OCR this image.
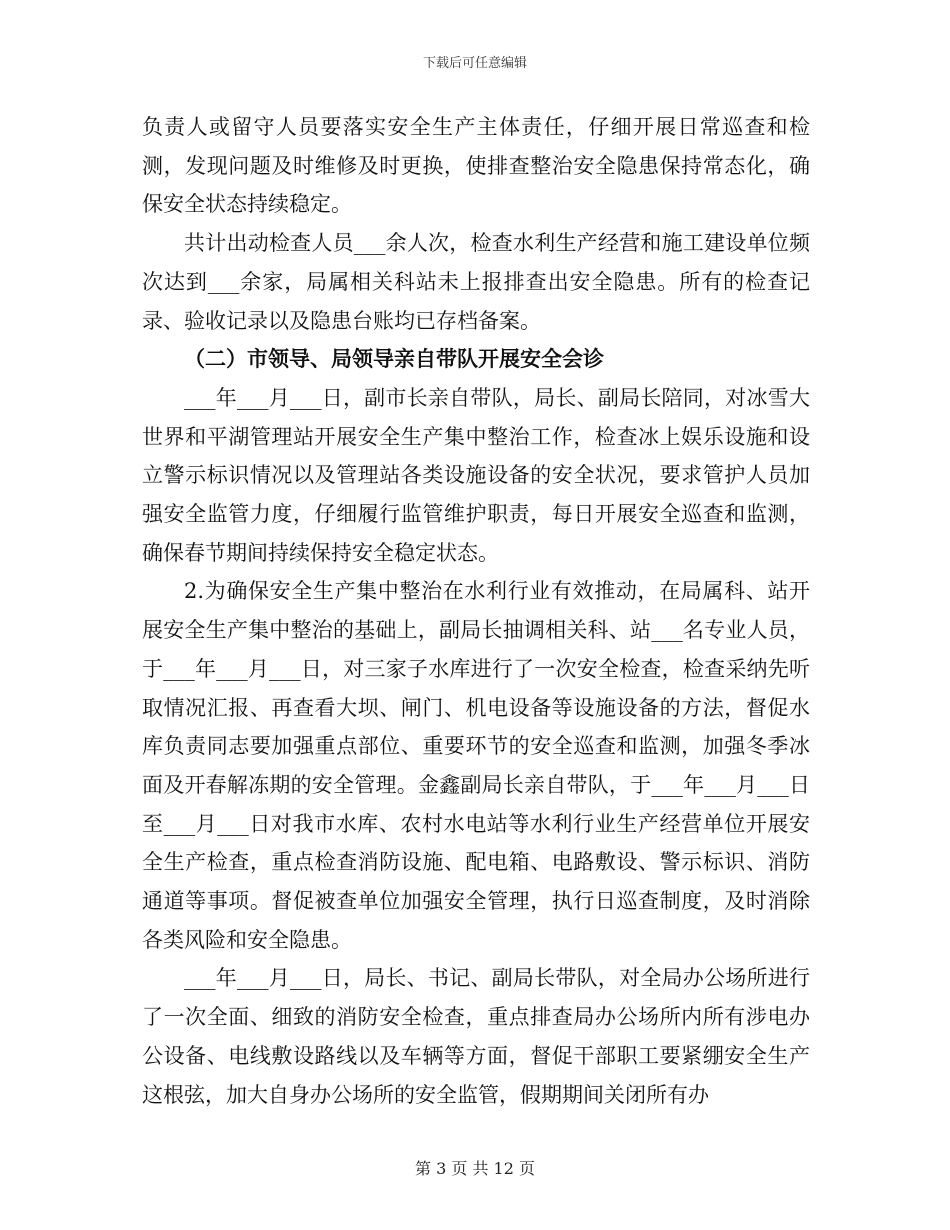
下载后可任意编辑

负责人或留守人员要落实安全生产主体责任，仔细开展日常巡查和检测，发现问题及时维修及时更换，使排查整治安全隐患保持常态化，确保安全状态持续稳定。

共计出动检查人员___余人次，检查水利生产经营和施工建设单位频次达到___余家，局属相关科站未上报排查出安全隐患。所有的检查记录、验收记录以及隐患台账均已存档备案。

（二）市领导、局领导亲自带队开展安全会诊

___年___月___日，副市长亲自带队，局长、副局长陪同，对冰雪大世界和平湖管理站开展安全生产集中整治工作，检查冰上娱乐设施和设立警示标识情况以及管理站各类设施设备的安全状况，要求管护人员加强安全监管力度，仔细履行监管维护职责，每日开展安全巡查和监测，确保春节期间持续保持安全稳定状态。

2.为确保安全生产集中整治在水利行业有效推动，在局属科、站开展安全生产集中整治的基础上，副局长抽调相关科、站___名专业人员，于___年___月___日，对三家子水库进行了一次安全检查，检查采纳先听取情况汇报、再查看大坝、闸门、机电设备等设施设备的方法，督促水库负责同志要加强重点部位、重要环节的安全巡查和监测，加强冬季冰面及开春解冻期的安全管理。金鑫副局长亲自带队，于___年___月___日至___月___日对我市水库、农村水电站等水利行业生产经营单位开展安全生产检查，重点检查消防设施、配电箱、电路敷设、警示标识、消防通道等事项。督促被查单位加强安全管理，执行日巡查制度，及时消除各类风险和安全隐患。

___年___月___日，局长、书记、副局长带队，对全局办公场所进行了一次全面、细致的消防安全检查，重点排查局办公场所内所有涉电办公设备、电线敷设路线以及车辆等方面，督促干部职工要紧绷安全生产这根弦，加大自身办公场所的安全监管，假期期间关闭所有办

第 3 页 共 12 页
